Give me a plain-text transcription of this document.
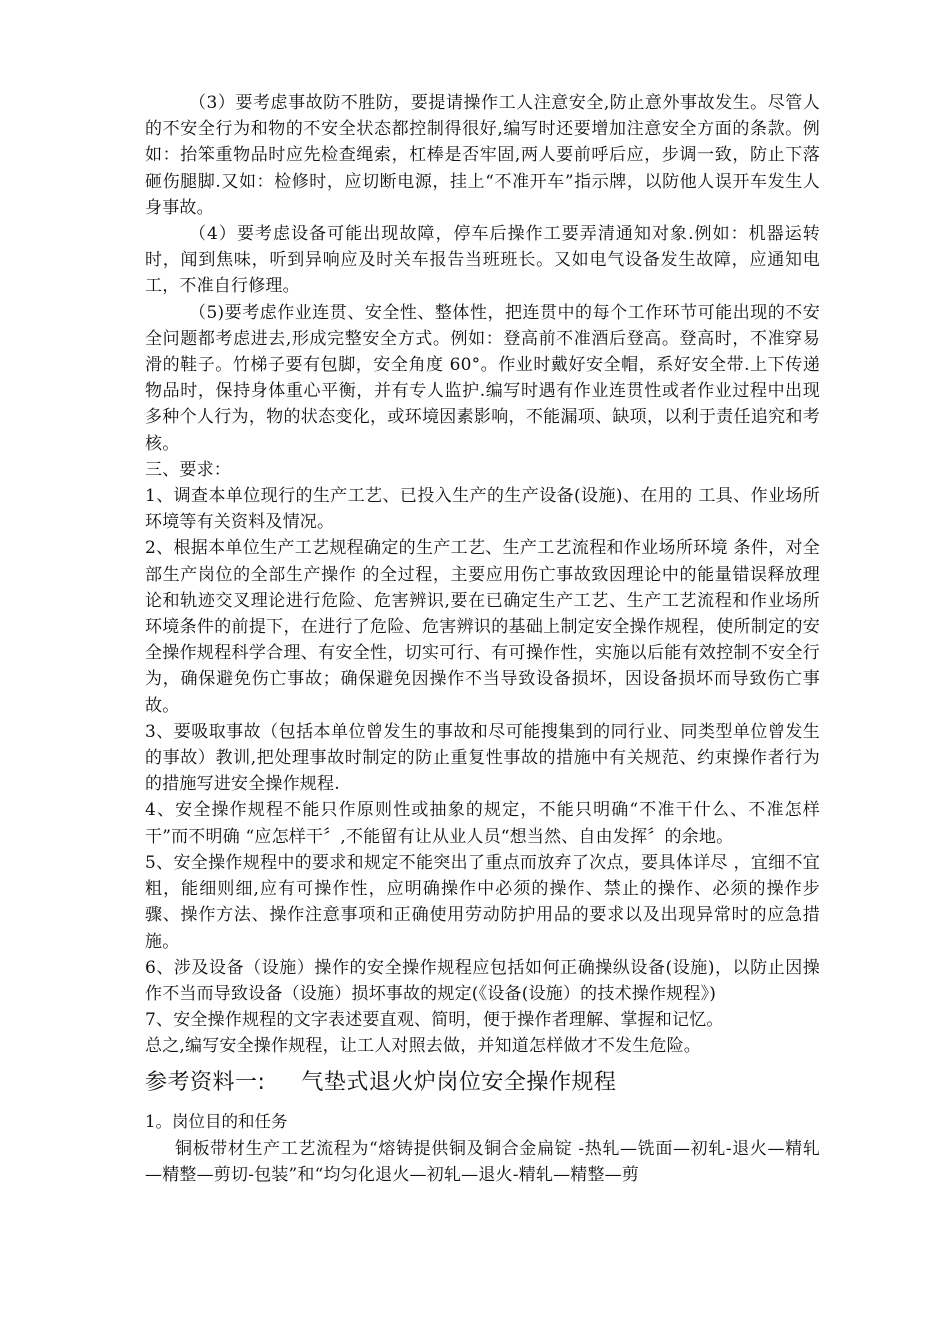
（3）要考虑事故防不胜防，要提请操作工人注意安全,防止意外事故发生。尽管人的不安全行为和物的不安全状态都控制得很好,编写时还要增加注意安全方面的条款。例如：抬笨重物品时应先检查绳索，杠棒是否牢固,两人要前呼后应，步调一致，防止下落砸伤腿脚.又如：检修时，应切断电源，挂上“不准开车”指示牌，以防他人误开车发生人身事故。

（4）要考虑设备可能出现故障，停车后操作工要弄清通知对象.例如：机器运转时，闻到焦味，听到异响应及时关车报告当班班长。又如电气设备发生故障，应通知电工，不准自行修理。

（5)要考虑作业连贯、安全性、整体性，把连贯中的每个工作环节可能出现的不安全问题都考虑进去,形成完整安全方式。例如：登高前不准酒后登高。登高时，不准穿易滑的鞋子。竹梯子要有包脚，安全角度 60°。作业时戴好安全帽，系好安全带.上下传递物品时，保持身体重心平衡，并有专人监护.编写时遇有作业连贯性或者作业过程中出现多种个人行为，物的状态变化，或环境因素影响，不能漏项、缺项，以利于责任追究和考核。

三、要求：

1、调查本单位现行的生产工艺、已投入生产的生产设备(设施)、在用的 工具、作业场所环境等有关资料及情况。

2、根据本单位生产工艺规程确定的生产工艺、生产工艺流程和作业场所环境 条件，对全部生产岗位的全部生产操作 的全过程，主要应用伤亡事故致因理论中的能量错误释放理论和轨迹交叉理论进行危险、危害辨识,要在已确定生产工艺、生产工艺流程和作业场所环境条件的前提下，在进行了危险、危害辨识的基础上制定安全操作规程，使所制定的安全操作规程科学合理、有安全性，切实可行、有可操作性，实施以后能有效控制不安全行为，确保避免伤亡事故；确保避免因操作不当导致设备损坏，因设备损坏而导致伤亡事故。

3、要吸取事故（包括本单位曾发生的事故和尽可能搜集到的同行业、同类型单位曾发生的事故）教训,把处理事故时制定的防止重复性事故的措施中有关规范、约束操作者行为的措施写进安全操作规程.

4、安全操作规程不能只作原则性或抽象的规定，不能只明确“不准干什么、不准怎样干”而不明确 “应怎样干〞,不能留有让从业人员“想当然、自由发挥〞的余地。

5、安全操作规程中的要求和规定不能突出了重点而放弃了次点，要具体详尽 ，宜细不宜粗，能细则细,应有可操作性，应明确操作中必须的操作、禁止的操作、必须的操作步骤、操作方法、操作注意事项和正确使用劳动防护用品的要求以及出现异常时的应急措施。

6、涉及设备（设施）操作的安全操作规程应包括如何正确操纵设备(设施)，以防止因操作不当而导致设备（设施）损坏事故的规定(《设备(设施）的技术操作规程》)

7、安全操作规程的文字表述要直观、简明，便于操作者理解、掌握和记忆。

总之,编写安全操作规程，让工人对照去做，并知道怎样做才不发生危险。

参考资料一: 气垫式退火炉岗位安全操作规程

1。岗位目的和任务

铜板带材生产工艺流程为“熔铸提供铜及铜合金扁锭 -热轧—铣面—初轧-退火—精轧—精整—剪切-包装”和“均匀化退火—初轧—退火-精轧—精整—剪
